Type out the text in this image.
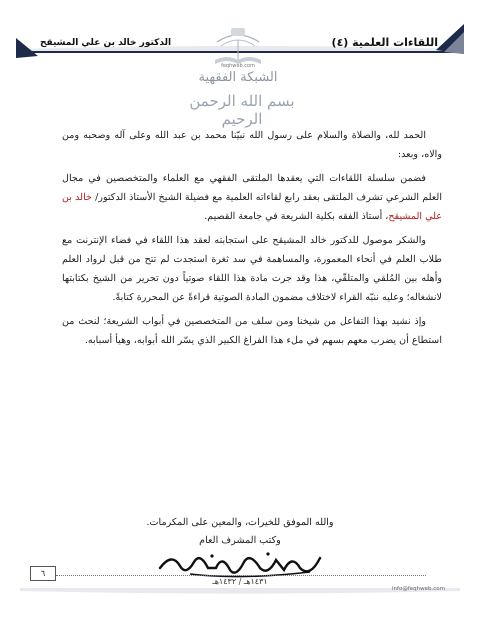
اللقاءات العلمية (٤)
الدكتور خالد بن علي المشيقح
feqhweb.com
الشبكة الفقهية
بسم الله الرحمن الرحيم

الحمد لله، والصلاة والسلام على رسول الله نبيّنا محمد بن عبد الله وعلى آله وصحبه ومن والاه، وبعد:

فضمن سلسلة اللقاءات التي يعقدها الملتقى الفقهي مع العلماء والمتخصصين في مجال العلم الشرعي تشرف الملتقى بعقد رابع لقاءاته العلمية مع فضيلة الشيخ الأستاذ الدكتور/ خالد بن علي المشيقح، أستاذ الفقه بكلية الشريعة في جامعة القصيم.

والشكر موصول للدكتور خالد المشيقح على استجابته لعقد هذا اللقاء في فضاء الإنترنت مع طلاب العلم في أنحاء المعمورة، والمساهمة في سد ثغرة استجدت لم تتح من قبل لرواد العلم وأهله بين المُلقي والمتلقّي، هذا وقد جرت مادة هذا اللقاء صوتياً دون تحرير من الشيخ بكتابتها لانشغاله؛ وعليه ننبّه القراء لاختلاف مضمون المادة الصوتية قراءةً عن المحررة كتابةً.

وإذ نشيد بهذا التفاعل من شيخنا ومن سلف من المتخصصين في أبواب الشريعة؛ لنحث من استطاع أن يضرب معهم بسهم في ملء هذا الفراغ الكبير الذي يسّر الله أبوابه، وهيأ أسبابه.

والله الموفق للخيرات، والمعين على المكرمات.
وكتب المشرف العام
١٤٣١هـ / ١٤٣٢هـ
٦
info@feqhweb.com
